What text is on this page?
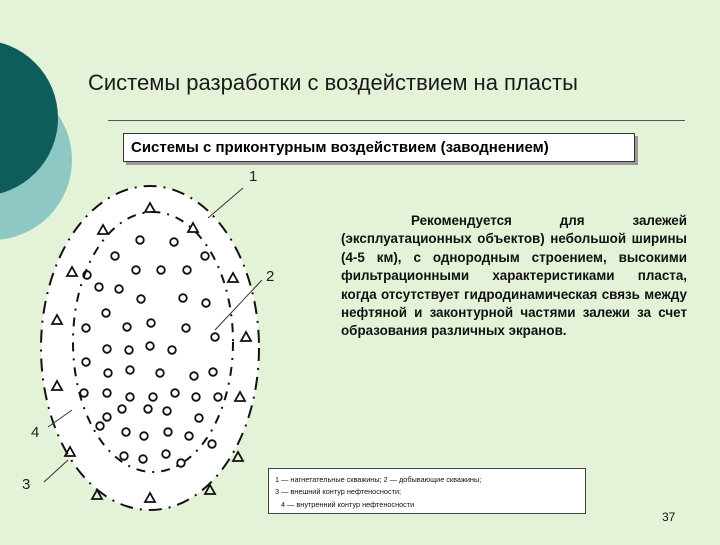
Системы разработки с воздействием на пласты
Системы с приконтурным воздействием (заводнением)
1
2
4
3
Рекомендуется для залежей (эксплуатационных объектов) небольшой ширины (4-5 км), с однородным строением, высокими фильтрационными характеристиками пласта, когда отсутствует гидродинамическая связь между нефтяной и законтурной частями залежи за счет образования различных экранов.
1 — нагнетательные скважины; 2 — добывающие скважины;
3 — внешний контур нефтеносности;
4 — внутренний контур нефтеносности
37
